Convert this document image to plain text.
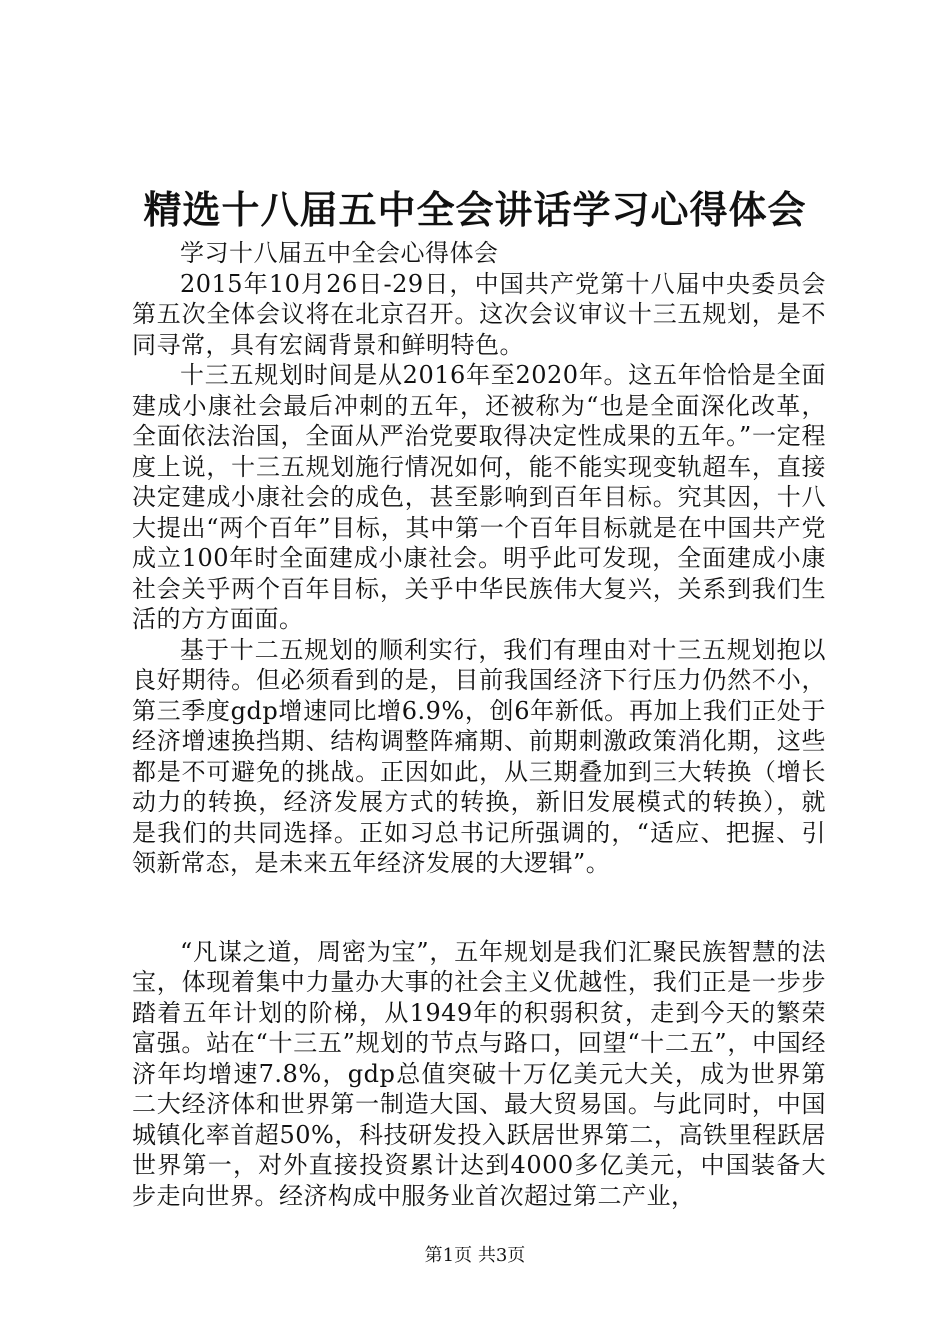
精选十八届五中全会讲话学习心得体会

学习十八届五中全会心得体会

2015年10月26日-29日，中国共产党第十八届中央委员会第五次全体会议将在北京召开。这次会议审议十三五规划，是不同寻常，具有宏阔背景和鲜明特色。

十三五规划时间是从2016年至2020年。这五年恰恰是全面建成小康社会最后冲刺的五年，还被称为“也是全面深化改革，全面依法治国，全面从严治党要取得决定性成果的五年。”一定程度上说，十三五规划施行情况如何，能不能实现变轨超车，直接决定建成小康社会的成色，甚至影响到百年目标。究其因，十八大提出“两个百年”目标，其中第一个百年目标就是在中国共产党成立100年时全面建成小康社会。明乎此可发现，全面建成小康社会关乎两个百年目标，关乎中华民族伟大复兴，关系到我们生活的方方面面。

基于十二五规划的顺利实行，我们有理由对十三五规划抱以良好期待。但必须看到的是，目前我国经济下行压力仍然不小，第三季度gdp增速同比增6.9%，创6年新低。再加上我们正处于经济增速换挡期、结构调整阵痛期、前期刺激政策消化期，这些都是不可避免的挑战。正因如此，从三期叠加到三大转换（增长动力的转换，经济发展方式的转换，新旧发展模式的转换），就是我们的共同选择。正如习总书记所强调的，“适应、把握、引领新常态，是未来五年经济发展的大逻辑”。

“凡谋之道，周密为宝”，五年规划是我们汇聚民族智慧的法宝，体现着集中力量办大事的社会主义优越性，我们正是一步步踏着五年计划的阶梯，从1949年的积弱积贫，走到今天的繁荣富强。站在“十三五”规划的节点与路口，回望“十二五”，中国经济年均增速7.8%，gdp总值突破十万亿美元大关，成为世界第二大经济体和世界第一制造大国、最大贸易国。与此同时，中国城镇化率首超50%，科技研发投入跃居世界第二，高铁里程跃居世界第一，对外直接投资累计达到4000多亿美元，中国装备大步走向世界。经济构成中服务业首次超过第二产业，

第1页 共3页
